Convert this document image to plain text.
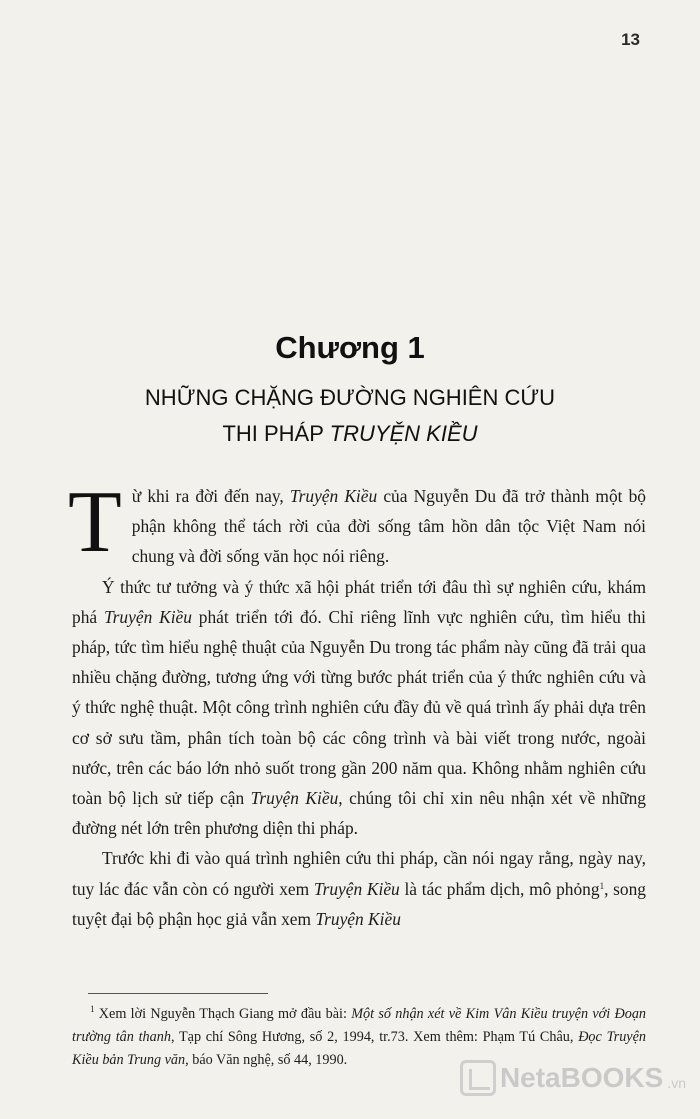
13
Chương 1
NHỮNG CHẶNG ĐƯỜNG NGHIÊN CỨU
THI PHÁP TRUYỆN KIỀU

Từ khi ra đời đến nay, Truyện Kiều của Nguyễn Du đã trở thành một bộ phận không thể tách rời của đời sống tâm hồn dân tộc Việt Nam nói chung và đời sống văn học nói riêng.

Ý thức tư tưởng và ý thức xã hội phát triển tới đâu thì sự nghiên cứu, khám phá Truyện Kiều phát triển tới đó. Chỉ riêng lĩnh vực nghiên cứu, tìm hiểu thi pháp, tức tìm hiểu nghệ thuật của Nguyễn Du trong tác phẩm này cũng đã trải qua nhiều chặng đường, tương ứng với từng bước phát triển của ý thức nghiên cứu và ý thức nghệ thuật. Một công trình nghiên cứu đầy đủ về quá trình ấy phải dựa trên cơ sở sưu tầm, phân tích toàn bộ các công trình và bài viết trong nước, ngoài nước, trên các báo lớn nhỏ suốt trong gần 200 năm qua. Không nhằm nghiên cứu toàn bộ lịch sử tiếp cận Truyện Kiều, chúng tôi chỉ xin nêu nhận xét về những đường nét lớn trên phương diện thi pháp.

Trước khi đi vào quá trình nghiên cứu thi pháp, cần nói ngay rằng, ngày nay, tuy lác đác vẫn còn có người xem Truyện Kiều là tác phẩm dịch, mô phỏng$^1$, song tuyệt đại bộ phận học giả vẫn xem Truyện Kiều

$^1$ Xem lời Nguyễn Thạch Giang mở đầu bài: Một số nhận xét về Kim Vân Kiều truyện với Đoạn trường tân thanh, Tạp chí Sông Hương, số 2, 1994, tr.73. Xem thêm: Phạm Tú Châu, Đọc Truyện Kiều bản Trung văn, báo Văn nghệ, số 44, 1990.

NetaBOOKS .vn
